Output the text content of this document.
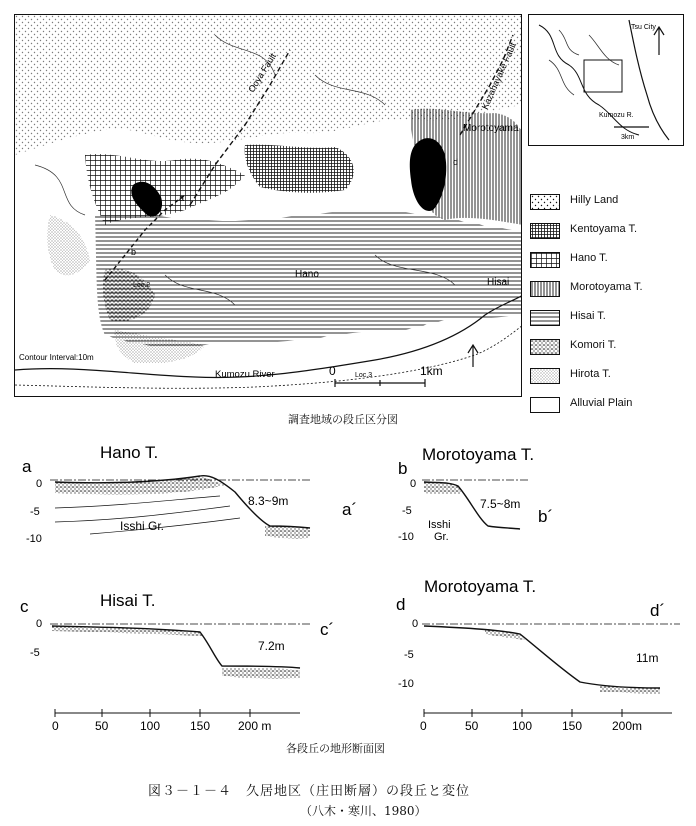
Ooya Fault	Kazahayake Fault
Morotoyama
Hano
Hisai
Kumozu River
Contour Interval:10m
Loc.2
Loc.3
0	1km
a
b
d
Tsu City
Kumozu R.
3km
Hilly Land
Kentoyama T.
Hano T.
Morotoyama T.
Hisai T.
Komori T.
Hirota T.
Alluvial Plain
調査地域の段丘区分図
Hano T.
a
0
-5
-10
8.3~9m	a´
Isshi Gr.
Morotoyama T.
b
0
-5
-10
7.5~8m
b´
Isshi
Gr.
Hisai T.
c
0
-5	7.2m
c´
Morotoyama T.
d	d´
0
-5
-10
11m
0	50	100 150 200 m	0	50	100 150 200m
各段丘の地形断面図
図３－１－４　久居地区（庄田断層）の段丘と変位
（八木・寒川、1980）
